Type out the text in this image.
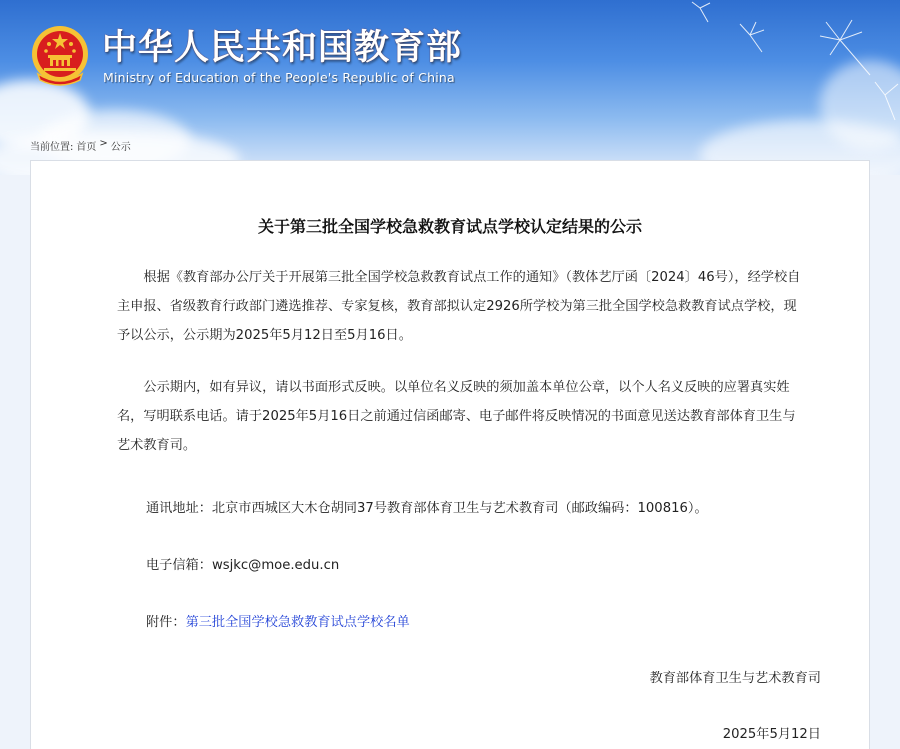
中华人民共和国教育部
Ministry of Education of the People's Republic of China
当前位置: 首页 > 公示
关于第三批全国学校急救教育试点学校认定结果的公示

根据《教育部办公厅关于开展第三批全国学校急救教育试点工作的通知》（教体艺厅函〔2024〕46号），经学校自主申报、省级教育行政部门遴选推荐、专家复核，教育部拟认定2926所学校为第三批全国学校急救教育试点学校，现予以公示，公示期为2025年5月12日至5月16日。

公示期内，如有异议，请以书面形式反映。以单位名义反映的须加盖本单位公章，以个人名义反映的应署真实姓名，写明联系电话。请于2025年5月16日之前通过信函邮寄、电子邮件将反映情况的书面意见送达教育部体育卫生与艺术教育司。

通讯地址：北京市西城区大木仓胡同37号教育部体育卫生与艺术教育司（邮政编码：100816）。
电子信箱：wsjkc@moe.edu.cn
附件：第三批全国学校急救教育试点学校名单
教育部体育卫生与艺术教育司
2025年5月12日
